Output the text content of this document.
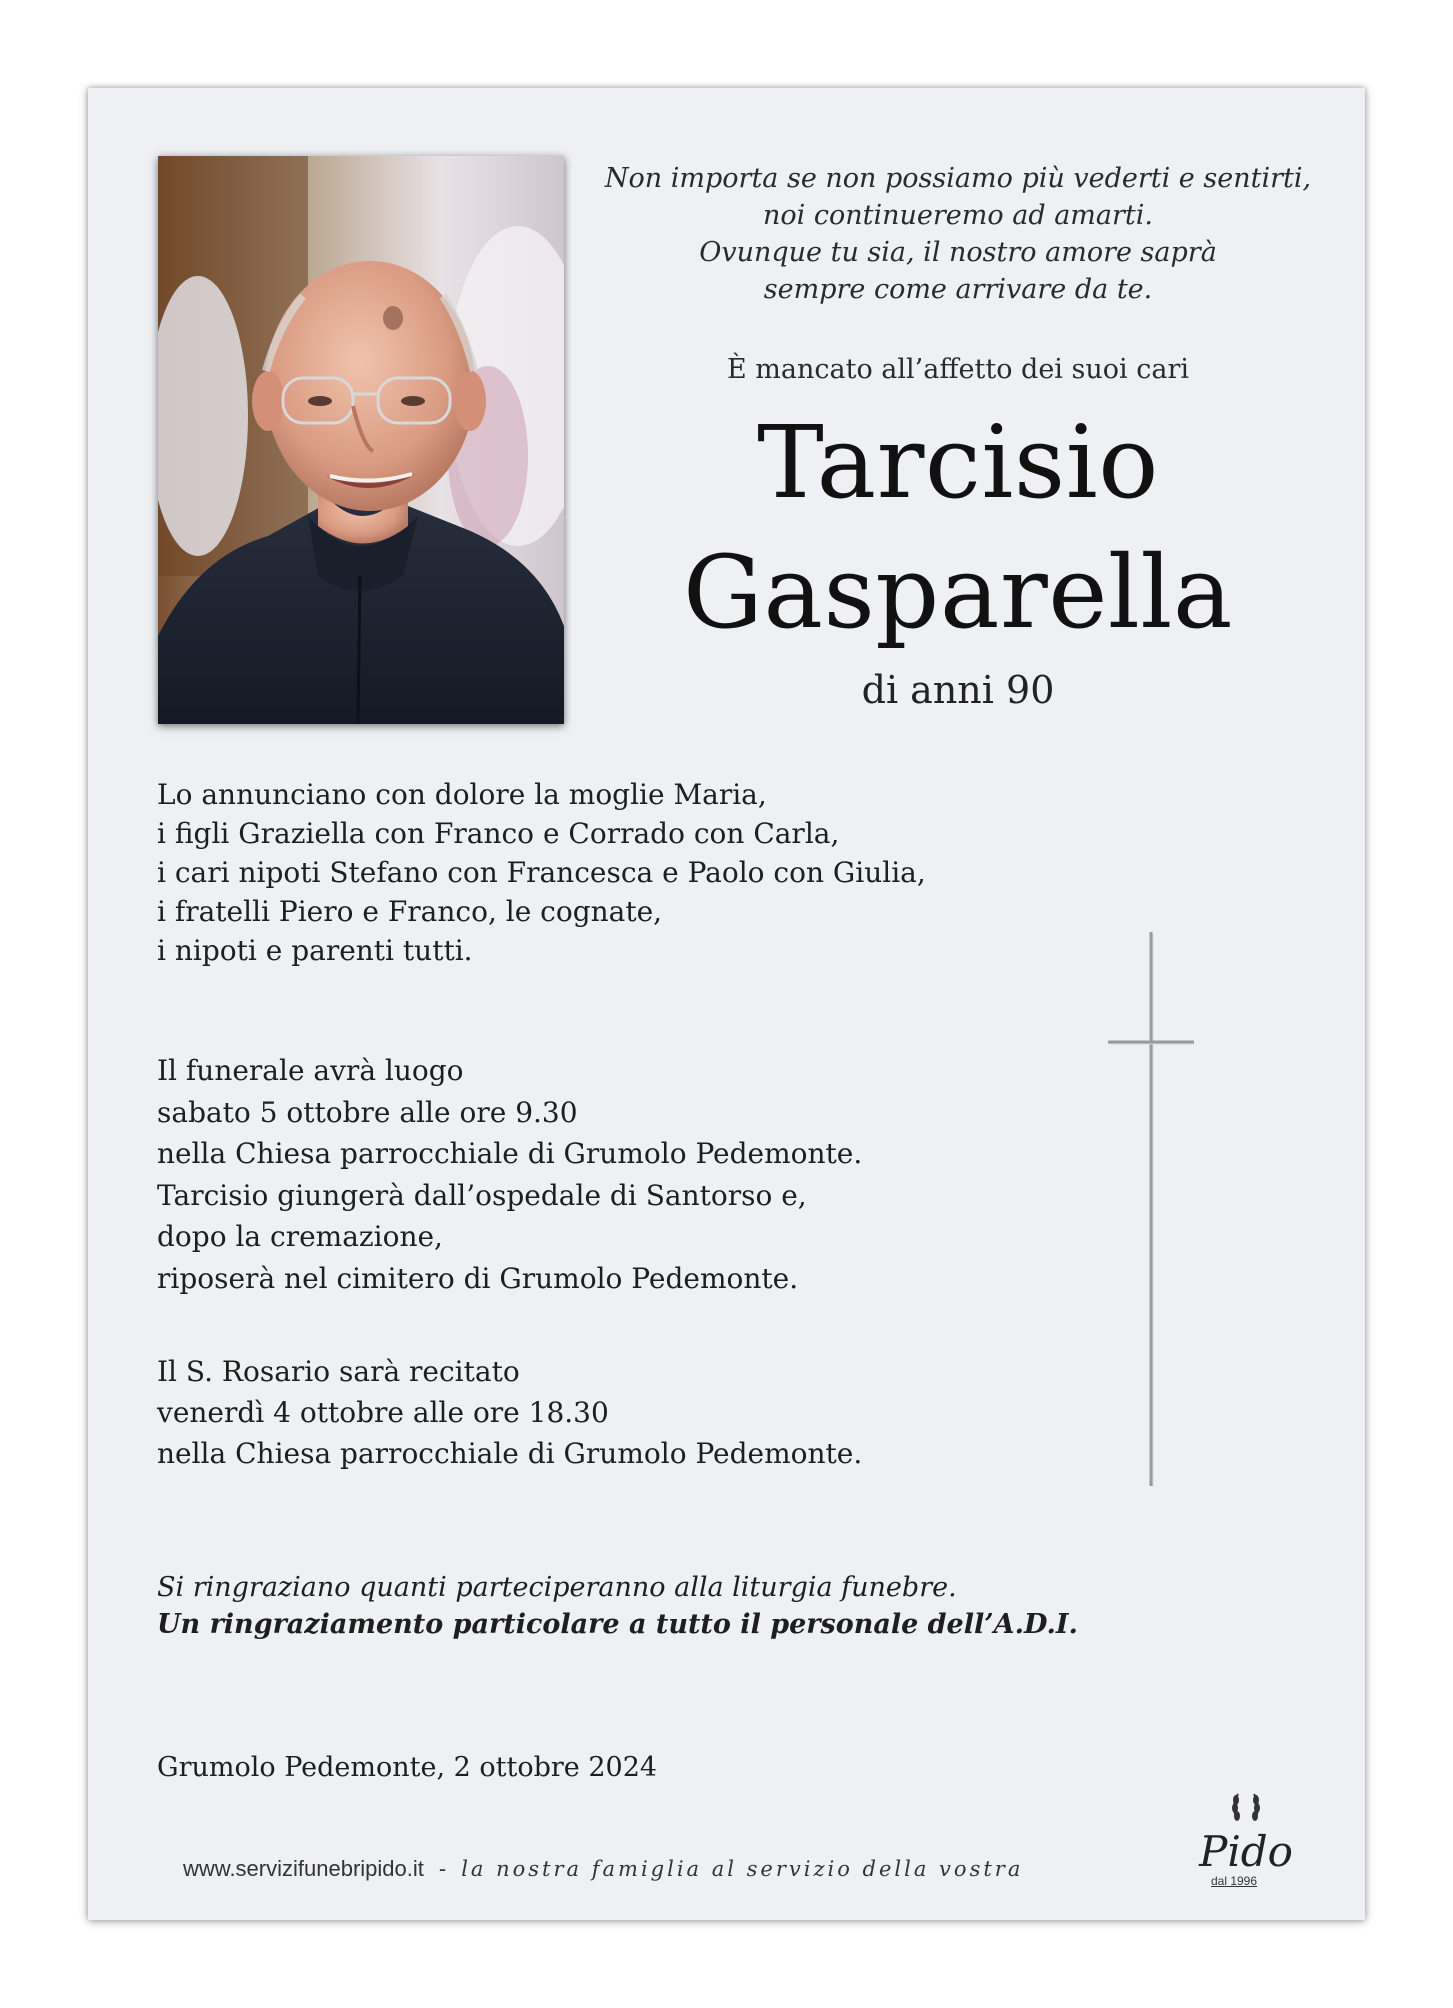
Non importa se non possiamo più vederti e sentirti,
noi continueremo ad amarti.
Ovunque tu sia, il nostro amore saprà
sempre come arrivare da te.
È mancato all’affetto dei suoi cari
Tarcisio
Gasparella
di anni 90
Lo annunciano con dolore la moglie Maria,
i figli Graziella con Franco e Corrado con Carla,
i cari nipoti Stefano con Francesca e Paolo con Giulia,
i fratelli Piero e Franco, le cognate,
i nipoti e parenti tutti.
Il funerale avrà luogo
sabato 5 ottobre alle ore 9.30
nella Chiesa parrocchiale di Grumolo Pedemonte.
Tarcisio giungerà dall’ospedale di Santorso e,
dopo la cremazione,
riposerà nel cimitero di Grumolo Pedemonte.
Il S. Rosario sarà recitato
venerdì 4 ottobre alle ore 18.30
nella Chiesa parrocchiale di Grumolo Pedemonte.
Si ringraziano quanti parteciperanno alla liturgia funebre.
Un ringraziamento particolare a tutto il personale dell’A.D.I.
Grumolo Pedemonte, 2 ottobre 2024
www.servizifunebripido.it - la nostra famiglia al servizio della vostra	Pido
dal 1996
